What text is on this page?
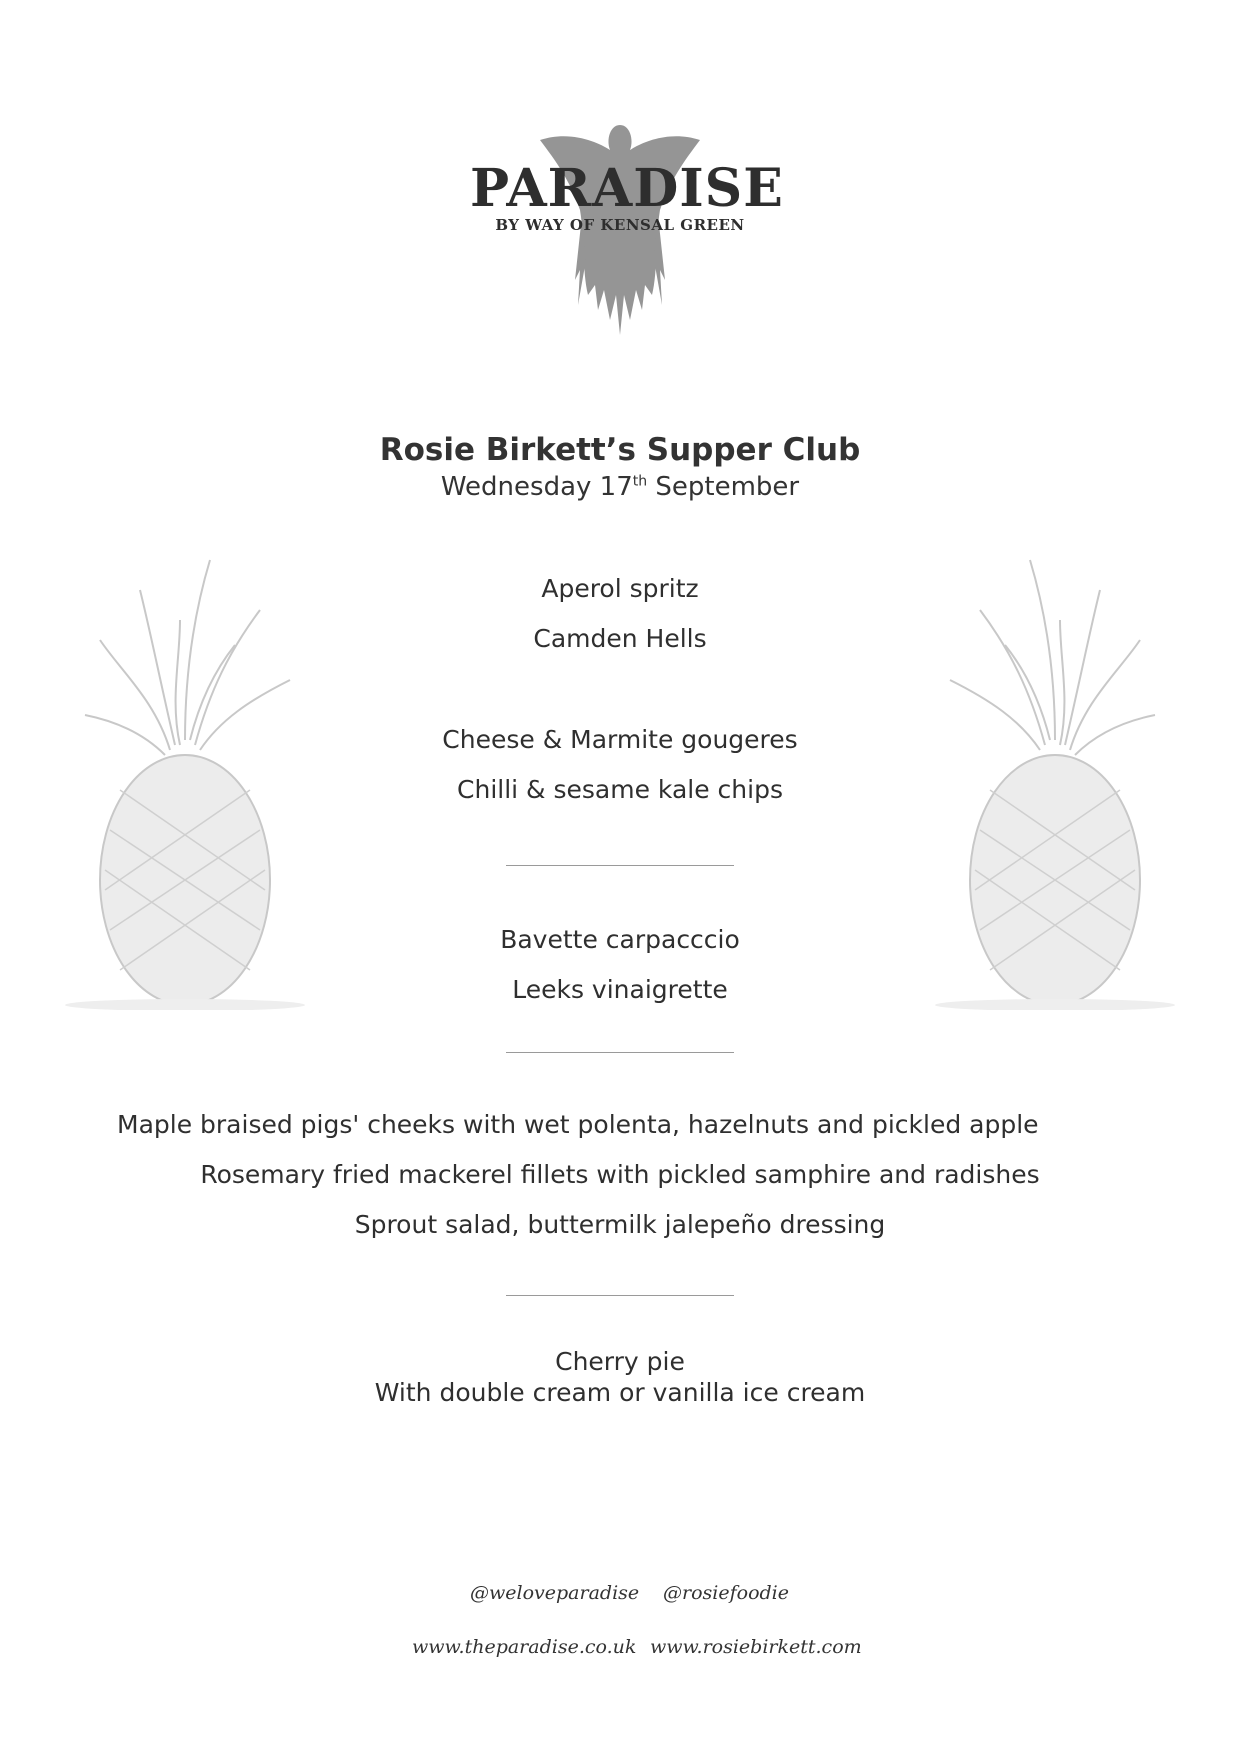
PARADISE
BY WAY OF KENSAL GREEN
Rosie Birkett’s Supper Club
Wednesday 17th September
Aperol spritz
Camden Hells
Cheese & Marmite gougeres
Chilli & sesame kale chips
Bavette carpacccio
Leeks vinaigrette
Maple braised pigs' cheeks with wet polenta, hazelnuts and pickled apple
Rosemary fried mackerel fillets with pickled samphire and radishes
Sprout salad, buttermilk jalepeño dressing
Cherry pie
With double cream or vanilla ice cream
@weloveparadise @rosiefoodie
www.theparadise.co.uk www.rosiebirkett.com
